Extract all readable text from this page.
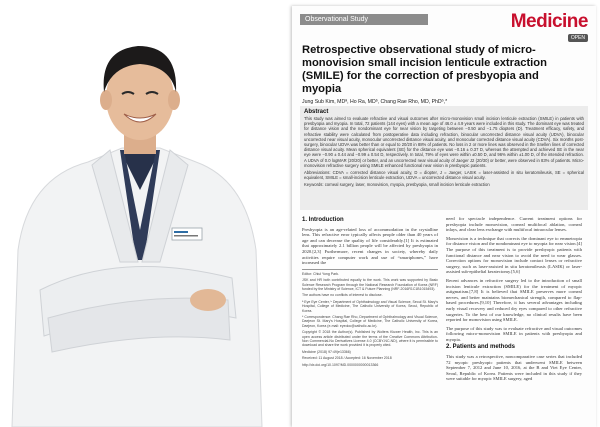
Observational Study	Medicine
OPEN
Retrospective observational study of micro-monovision small incision lenticule extraction (SMILE) for the correction of presbyopia and myopia
Jung Sub Kim, MDª, Ho Ra, MDᵇ, Chang Rae Rho, MD, PhDᵇ,*
Abstract
This study was aimed to evaluate refractive and visual outcomes after micro-monovision small incision lenticule extraction (SMILE) in patients with presbyopia and myopia. In total, 72 patients (144 eyes) with a mean age of 46.0 ± 4.9 years were included in this study. The dominant eye was treated for distance vision and the nondominant eye for near vision by targeting between −0.50 and −1.75 diopters (D). Treatment efficacy, safety, and refractive stability were calculated from postoperative data including refraction, binocular uncorrected distance visual acuity (UDVA), binocular uncorrected near visual acuity, monocular uncorrected distance visual acuity, and monocular corrected distance visual acuity (CDVA). Six months post-surgery, binocular UDVA was better than or equal to 20/20 in 88% of patients. No loss in 2 or more lines was observed in the Snellen lines of corrected distance visual acuity. Mean spherical equivalent (SE) for the distance eye was −0.16 ± 0.37 D, whereas the attempted and achieved SE in the near eye were −0.90 ± 0.44 and −0.99 ± 0.54 D, respectively. In total, 79% of eyes were within ±0.50 D, and 96% within ±1.00 D, of the intended refraction. A UDVA of 0.0 logMAR (20/20) or better, and an uncorrected near visual acuity of Jaeger J2 (20/30) or better, were observed in 83% of patients. Micro-monovision refractive surgery using SMILE enhanced functional near vision in presbyopic patients.
Abbreviations: CDVA = corrected distance visual acuity, D = diopter, J = Jaeger, LASIK = laser-assisted in situ keratomileusis, SE = spherical equivalent, SMILE = small-incision lenticule extraction, UDVA = uncorrected distance visual acuity.
Keywords: corneal surgery, laser, monovision, myopia, presbyopia, small incision lenticule extraction
1. Introduction
Presbyopia is an age-related loss of accommodation in the crystalline lens. This refractive error typically affects people older than 40 years of age and can decrease the quality of life considerably.[1] It is estimated that approximately 2.1 billion people will be affected by presbyopia in 2020.[2,3] Furthermore, recent changes in society, whereby daily activities require computer work and use of “smartphones,” have increased the
Editor: Chiul Yong Park.
JSK and HR both contributed equally to the work. This work was supported by Basic Science Research Program through the National Research Foundation of Korea (NRF) funded by the Ministry of Science, ICT & Future Planning (NRF-2016R1C1B1015493).
The authors have no conflicts of interest to disclose.
ª Eye Eye Center, ᵇ Department of Ophthalmology and Visual Science, Seoul St. Mary’s Hospital, College of Medicine, The Catholic University of Korea, Seoul, Republic of Korea.
* Correspondence: Chang Rae Rho, Department of Ophthalmology and Visual Science, Daejeon St. Mary’s Hospital, College of Medicine, The Catholic University of Korea, Daejeon, Korea (e-mail: eyedoc@catholic.ac.kr).
Copyright © 2018 the Author(s). Published by Wolters Kluwer Health, Inc. This is an open access article distributed under the terms of the Creative Commons Attribution-Non Commercial-No Derivatives License 4.0 (CCBY-NC-ND), where it is permissible to download and share the work provided it is properly cited.
Medicine (2018) 97:49(e13366)
Received: 11 August 2018 / Accepted: 16 November 2018
http://dx.doi.org/10.1097/MD.0000000000013366
need for spectacle independence. Current treatment options for presbyopia include monovision, corneal multifocal ablation, corneal inlays, and clear lens exchange with multifocal intraocular lenses.
Monovision is a technique that corrects the dominant eye to emmetropia for distance vision and the nondominant eye to myopia for near vision.[4] The purpose of this treatment is to provide presbyopic patients with functional distance and near vision to avoid the need to wear glasses. Correction options for monovision include contact lenses or refractive surgery, such as laser-assisted in situ keratomileusis (LASIK) or laser-assisted sub-epithelial keratectomy.[5,6]
Recent advances in refractive surgery led to the introduction of small incision lenticule extraction (SMILE) for the treatment of myopic astigmatism.[7,8] It is believed that SMILE preserves more corneal nerves, and better maintains biomechanical strength, compared to flap-based procedures.[9,10] Therefore, it has several advantages including early visual recovery and reduced dry eyes compared to other refractive surgeries. To the best of our knowledge, no clinical results have been reported for monovision using SMILE.
The purpose of this study was to evaluate refractive and visual outcomes following micro-monovision SMILE in patients with presbyopia and myopia.
2. Patients and methods
This study was a retrospective, noncomparative case series that included 72 myopic presbyopic patients that underwent SMILE between September 7, 2012 and June 10, 2016, at the B and Viet Eye Center, Seoul, Republic of Korea. Patients were included in this study if they were suitable for myopic SMILE surgery, aged
